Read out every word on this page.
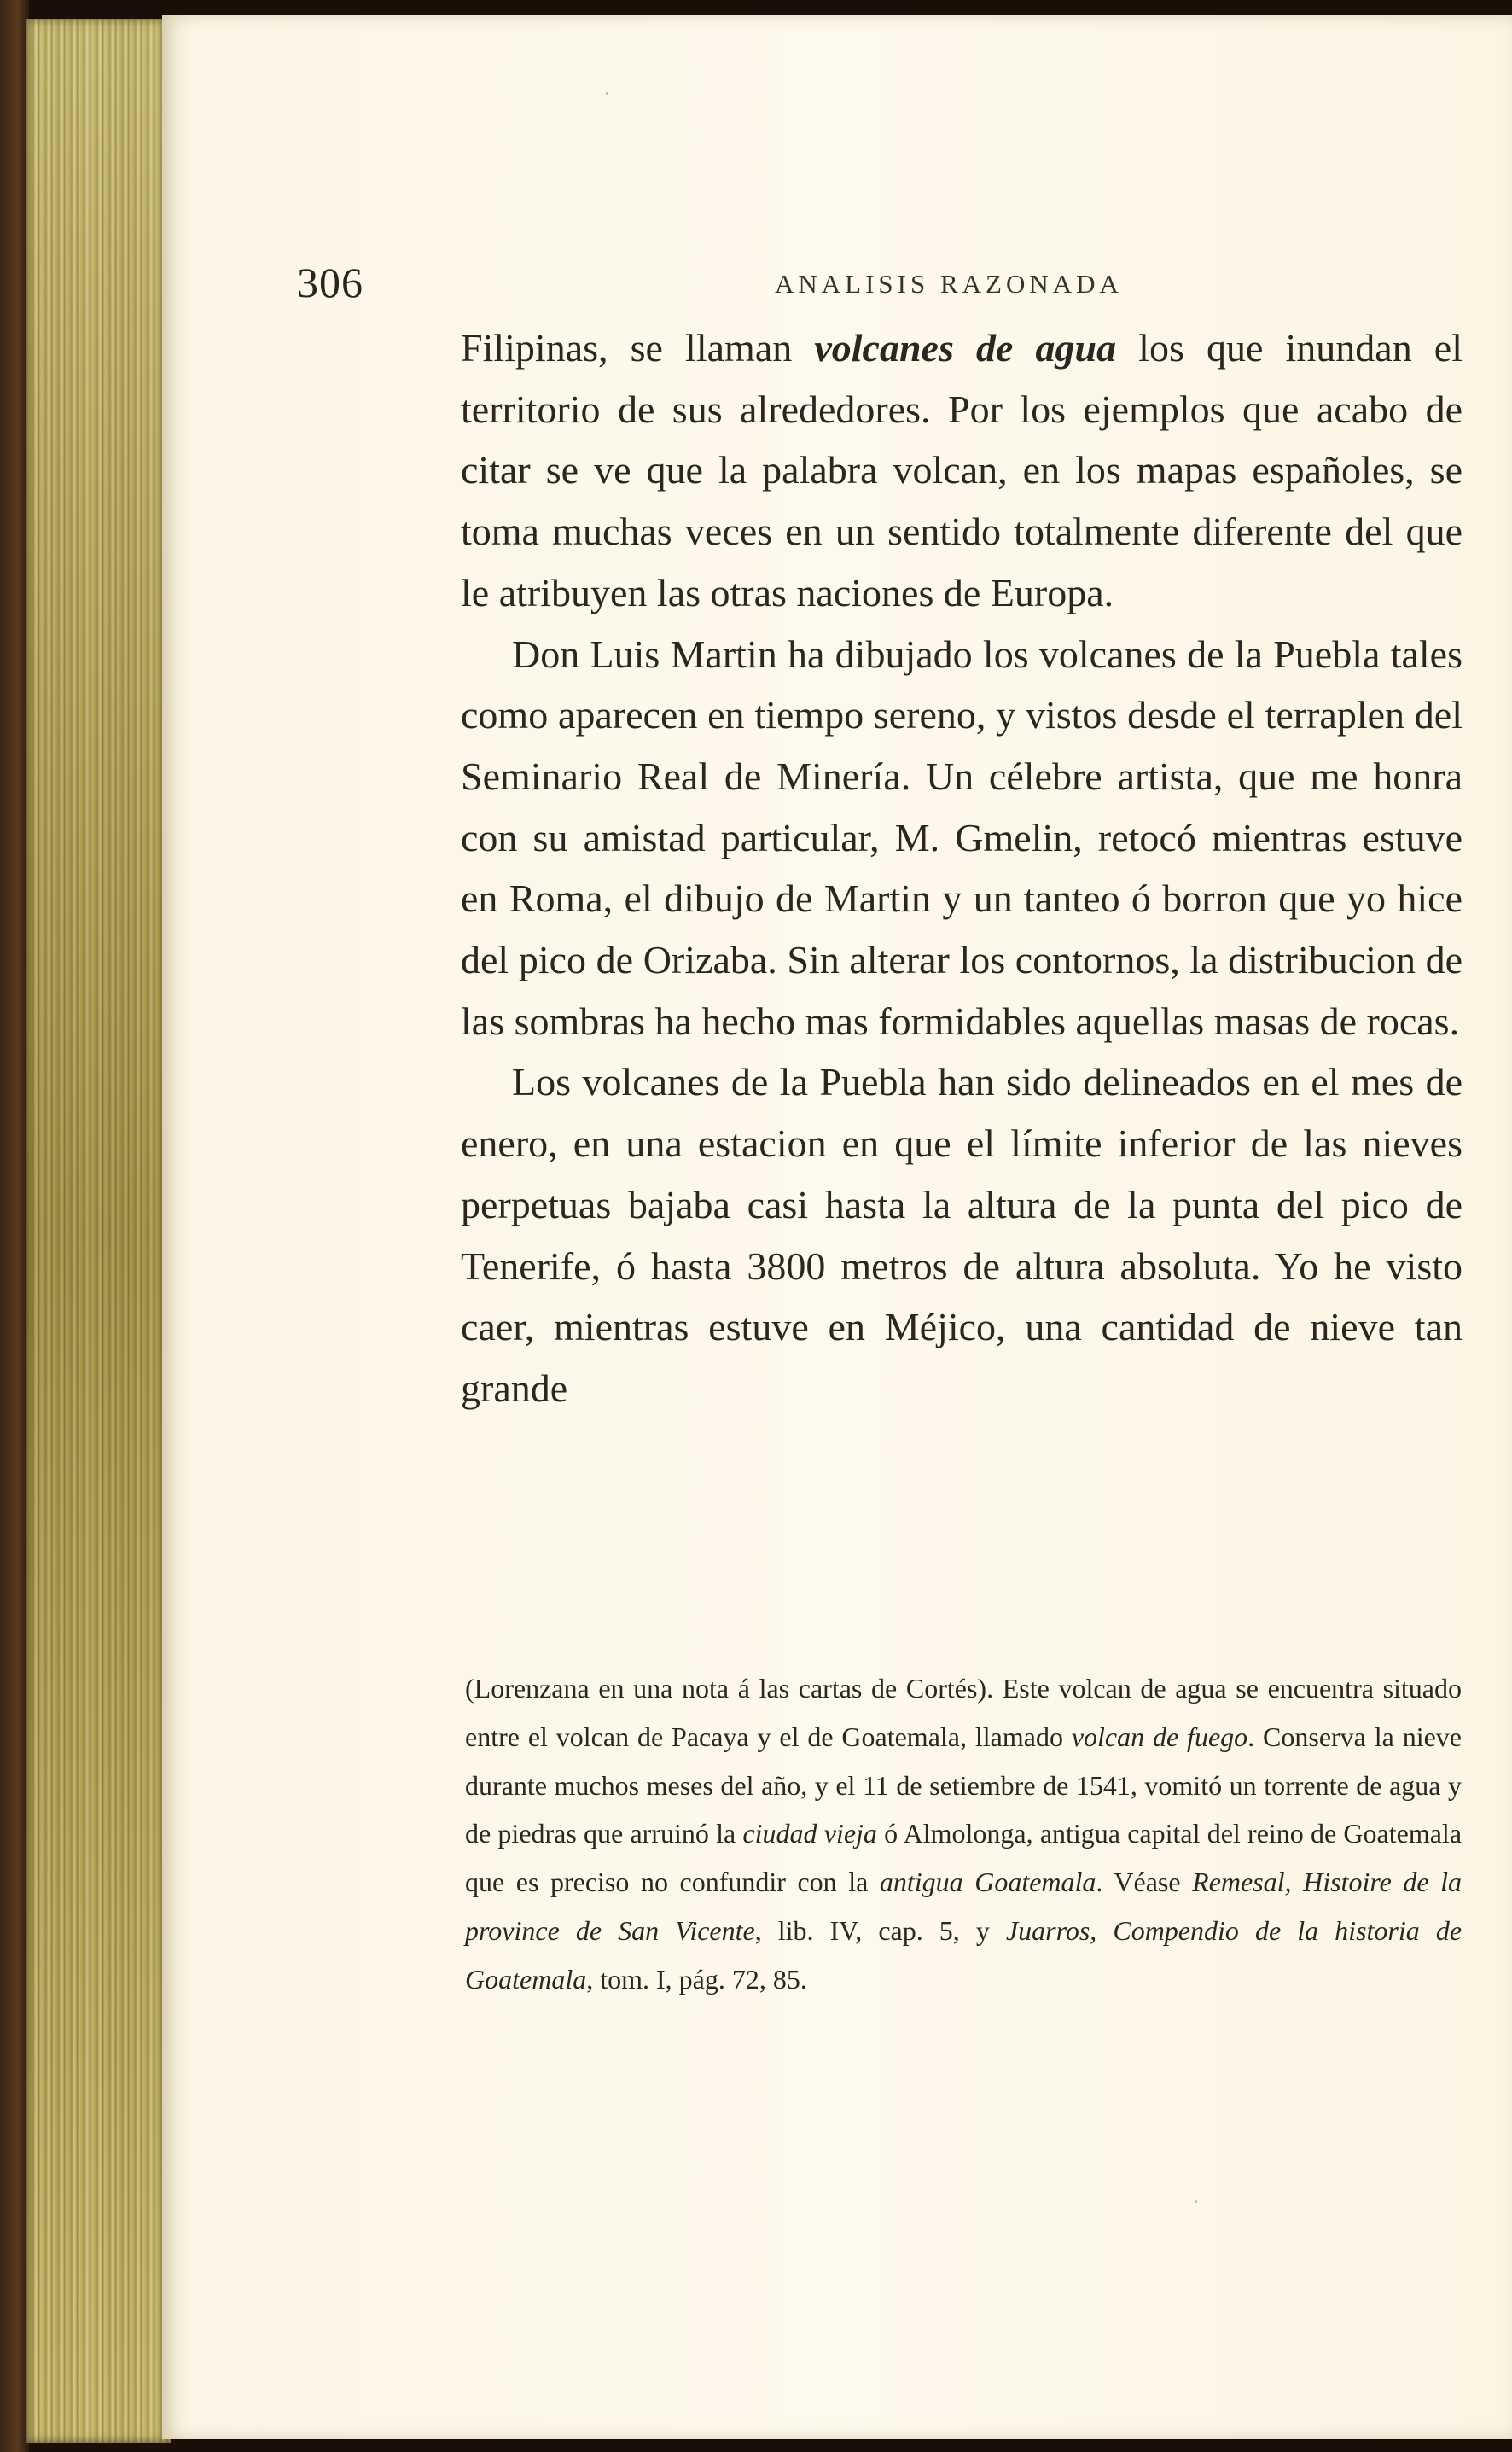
306	ANALISIS RAZONADA

Filipinas, se llaman volcanes de agua los que inundan el territorio de sus alrededores. Por los ejemplos que acabo de citar se ve que la palabra volcan, en los mapas españoles, se toma muchas veces en un sentido totalmente diferente del que le atribuyen las otras naciones de Europa.

Don Luis Martin ha dibujado los volcanes de la Puebla tales como aparecen en tiempo sereno, y vistos desde el terraplen del Seminario Real de Minería. Un célebre artista, que me honra con su amistad particular, M. Gmelin, retocó mientras estuve en Roma, el dibujo de Martin y un tanteo ó borron que yo hice del pico de Orizaba. Sin alterar los contornos, la distribucion de las sombras ha hecho mas formidables aquellas masas de rocas.

Los volcanes de la Puebla han sido delineados en el mes de enero, en una estacion en que el límite inferior de las nieves perpetuas bajaba casi hasta la altura de la punta del pico de Tenerife, ó hasta 3800 metros de altura absoluta. Yo he visto caer, mientras estuve en Méjico, una cantidad de nieve tan grande

(Lorenzana en una nota á las cartas de Cortés). Este volcan de agua se encuentra situado entre el volcan de Pacaya y el de Goatemala, llamado volcan de fuego. Conserva la nieve durante muchos meses del año, y el 11 de setiembre de 1541, vomitó un torrente de agua y de piedras que arruinó la ciudad vieja ó Almolonga, antigua capital del reino de Goatemala que es preciso no confundir con la antigua Goatemala. Véase Remesal, Histoire de la province de San Vicente, lib. IV, cap. 5, y Juarros, Compendio de la historia de Goatemala, tom. I, pág. 72, 85.
